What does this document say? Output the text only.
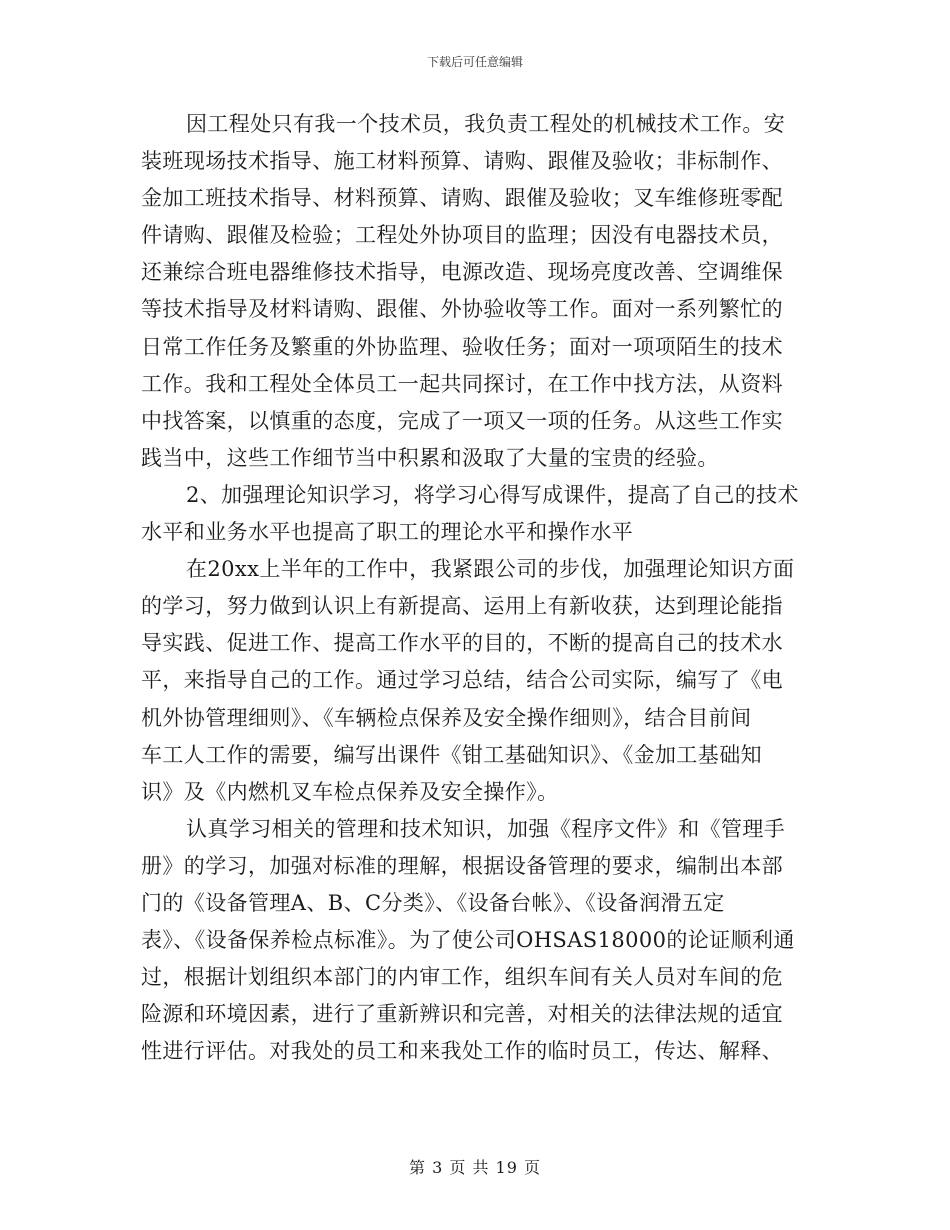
下载后可任意编辑
因工程处只有我一个技术员，我负责工程处的机械技术工作。安
装班现场技术指导、施工材料预算、请购、跟催及验收；非标制作、
金加工班技术指导、材料预算、请购、跟催及验收；叉车维修班零配
件请购、跟催及检验；工程处外协项目的监理；因没有电器技术员，
还兼综合班电器维修技术指导，电源改造、现场亮度改善、空调维保
等技术指导及材料请购、跟催、外协验收等工作。面对一系列繁忙的
日常工作任务及繁重的外协监理、验收任务；面对一项项陌生的技术
工作。我和工程处全体员工一起共同探讨，在工作中找方法，从资料
中找答案，以慎重的态度，完成了一项又一项的任务。从这些工作实
践当中，这些工作细节当中积累和汲取了大量的宝贵的经验。
2、加强理论知识学习，将学习心得写成课件，提高了自己的技术
水平和业务水平也提高了职工的理论水平和操作水平
在20xx上半年的工作中，我紧跟公司的步伐，加强理论知识方面
的学习，努力做到认识上有新提高、运用上有新收获，达到理论能指
导实践、促进工作、提高工作水平的目的，不断的提高自己的技术水
平，来指导自己的工作。通过学习总结，结合公司实际，编写了《电
机外协管理细则》、《车辆检点保养及安全操作细则》，结合目前间
车工人工作的需要，编写出课件《钳工基础知识》、《金加工基础知
识》及《内燃机叉车检点保养及安全操作》。
认真学习相关的管理和技术知识，加强《程序文件》和《管理手
册》的学习，加强对标准的理解，根据设备管理的要求，编制出本部
门的《设备管理A、B、C分类》、《设备台帐》、《设备润滑五定
表》、《设备保养检点标准》。为了使公司OHSAS18000的论证顺利通
过，根据计划组织本部门的内审工作，组织车间有关人员对车间的危
险源和环境因素，进行了重新辨识和完善，对相关的法律法规的适宜
性进行评估。对我处的员工和来我处工作的临时员工，传达、解释、
第 3 页 共 19 页
